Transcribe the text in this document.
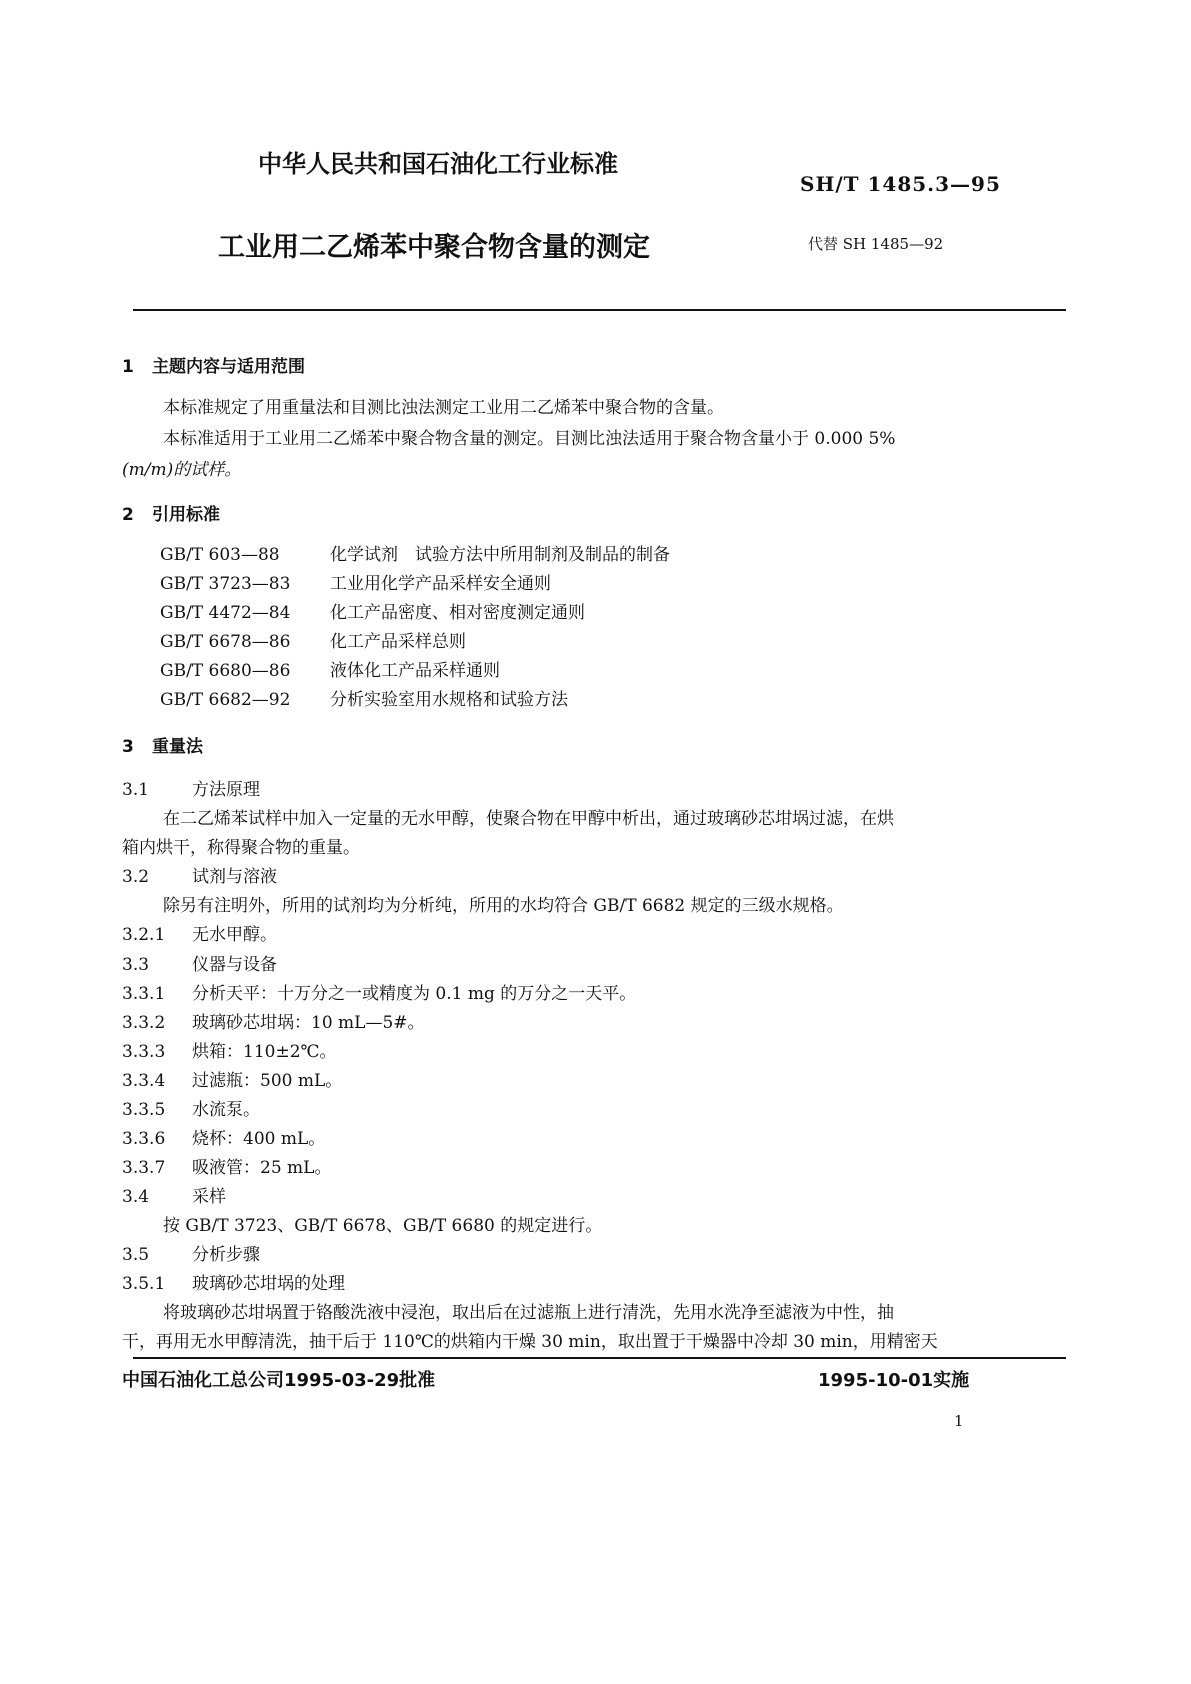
中华人民共和国石油化工行业标准
SH/T 1485.3—95
工业用二乙烯苯中聚合物含量的测定	代替 SH 1485—92
1 主题内容与适用范围
本标准规定了用重量法和目测比浊法测定工业用二乙烯苯中聚合物的含量。
本标准适用于工业用二乙烯苯中聚合物含量的测定。目测比浊法适用于聚合物含量小于 0.000 5%
(m/m)的试样。
2 引用标准
GB/T 603—88	化学试剂　试验方法中所用制剂及制品的制备
GB/T 3723—83 工业用化学产品采样安全通则
GB/T 4472—84 化工产品密度、相对密度测定通则
GB/T 6678—86 化工产品采样总则
GB/T 6680—86 液体化工产品采样通则
GB/T 6682—92 分析实验室用水规格和试验方法
3 重量法
3.1	方法原理
在二乙烯苯试样中加入一定量的无水甲醇，使聚合物在甲醇中析出，通过玻璃砂芯坩埚过滤，在烘
箱内烘干，称得聚合物的重量。
3.2	试剂与溶液
除另有注明外，所用的试剂均为分析纯，所用的水均符合 GB/T 6682 规定的三级水规格。
3.2.1 无水甲醇。
3.3	仪器与设备
3.3.1 分析天平：十万分之一或精度为 0.1 mg 的万分之一天平。
3.3.2 玻璃砂芯坩埚：10 mL—5#。
3.3.3 烘箱：110±2℃。
3.3.4 过滤瓶：500 mL。
3.3.5 水流泵。
3.3.6 烧杯：400 mL。
3.3.7 吸液管：25 mL。
3.4	采样
按 GB/T 3723、GB/T 6678、GB/T 6680 的规定进行。
3.5	分析步骤
3.5.1 玻璃砂芯坩埚的处理
将玻璃砂芯坩埚置于铬酸洗液中浸泡，取出后在过滤瓶上进行清洗，先用水洗净至滤液为中性，抽
干，再用无水甲醇清洗，抽干后于 110℃的烘箱内干燥 30 min，取出置于干燥器中冷却 30 min，用精密天
中国石油化工总公司1995-03-29批准	1995-10-01实施
1
